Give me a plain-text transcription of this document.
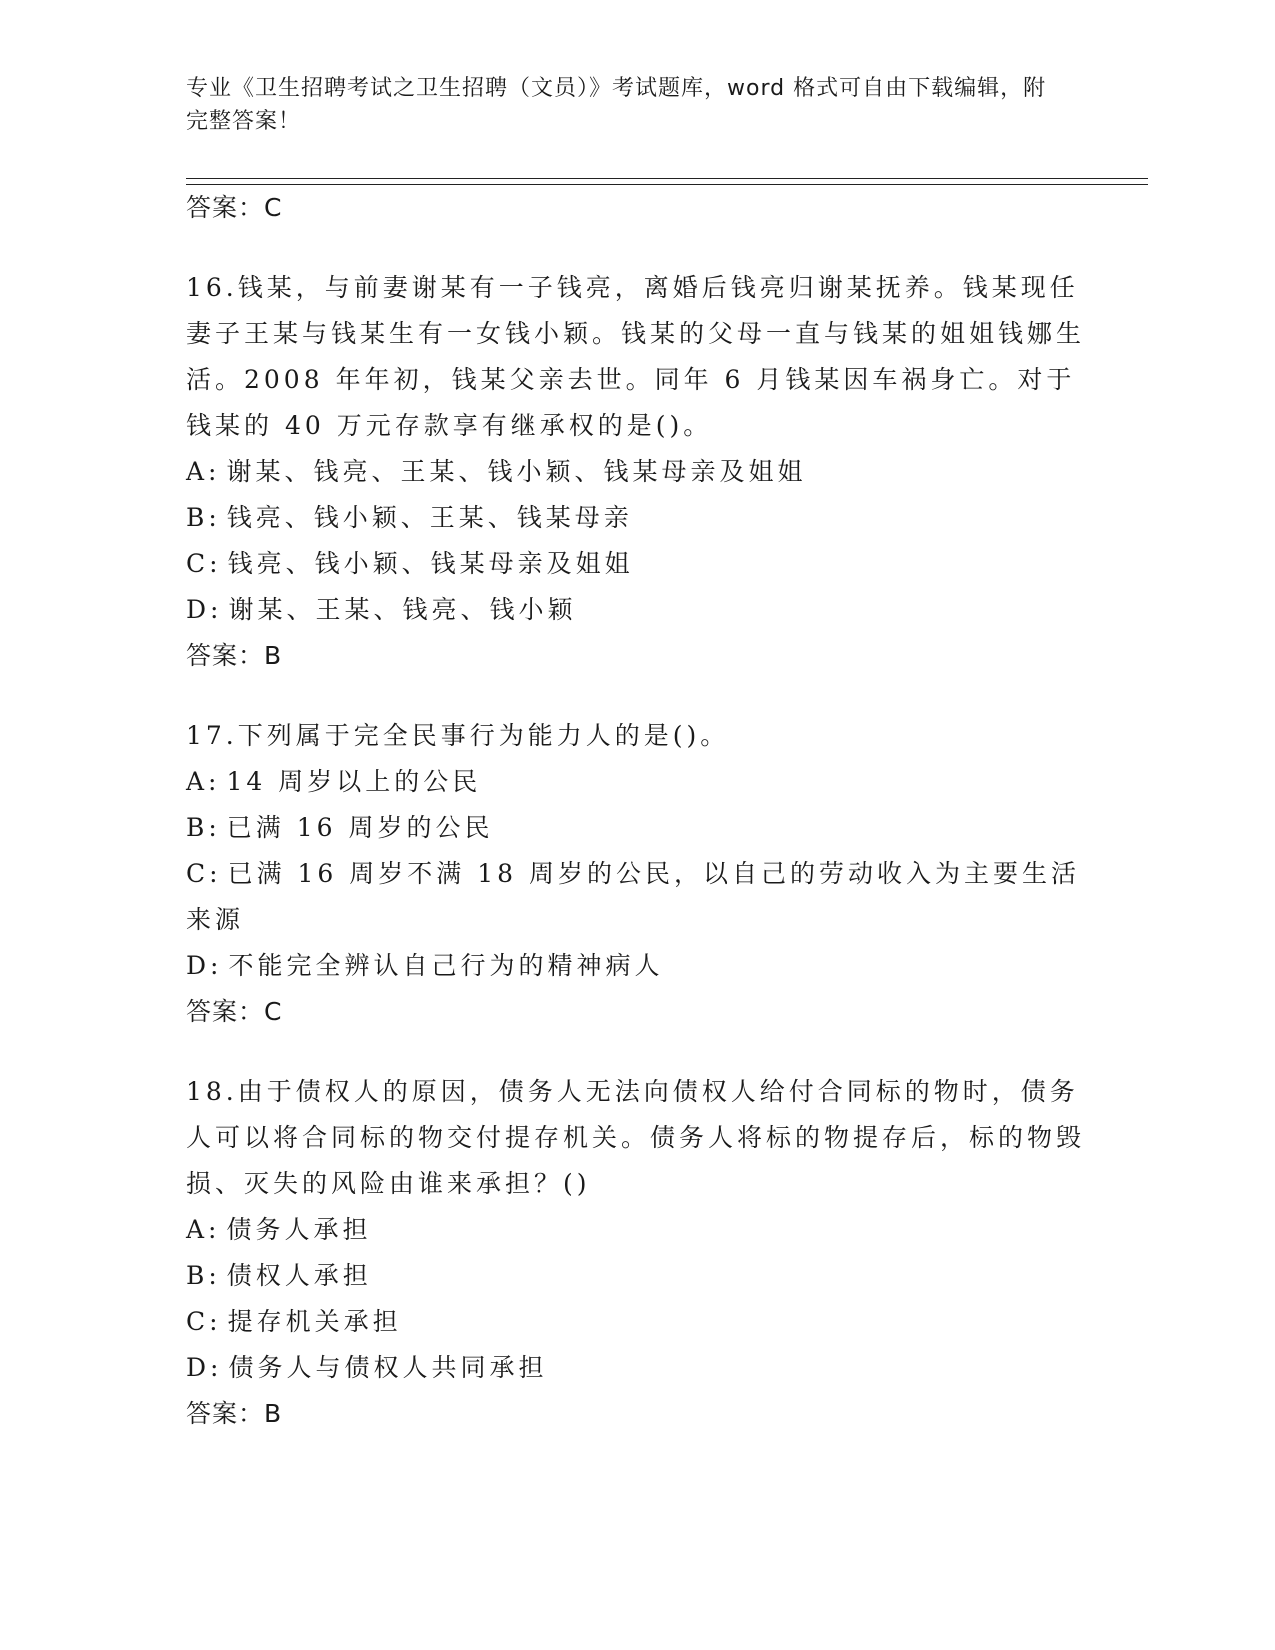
专业《卫生招聘考试之卫生招聘（文员）》考试题库，word 格式可自由下载编辑，附完整答案！
答案：C

16.钱某，与前妻谢某有一子钱亮，离婚后钱亮归谢某抚养。钱某现任妻子王某与钱某生有一女钱小颖。钱某的父母一直与钱某的姐姐钱娜生活。2008 年年初，钱某父亲去世。同年 6 月钱某因车祸身亡。对于钱某的 40 万元存款享有继承权的是()。

A: 谢某、钱亮、王某、钱小颖、钱某母亲及姐姐

B: 钱亮、钱小颖、王某、钱某母亲

C: 钱亮、钱小颖、钱某母亲及姐姐

D: 谢某、王某、钱亮、钱小颖

答案：B

17.下列属于完全民事行为能力人的是()。

A: 14 周岁以上的公民

B: 已满 16 周岁的公民

C: 已满 16 周岁不满 18 周岁的公民，以自己的劳动收入为主要生活来源

D: 不能完全辨认自己行为的精神病人

答案：C

18.由于债权人的原因，债务人无法向债权人给付合同标的物时，债务人可以将合同标的物交付提存机关。债务人将标的物提存后，标的物毁损、灭失的风险由谁来承担？()

A: 债务人承担

B: 债权人承担

C: 提存机关承担

D: 债务人与债权人共同承担

答案：B
